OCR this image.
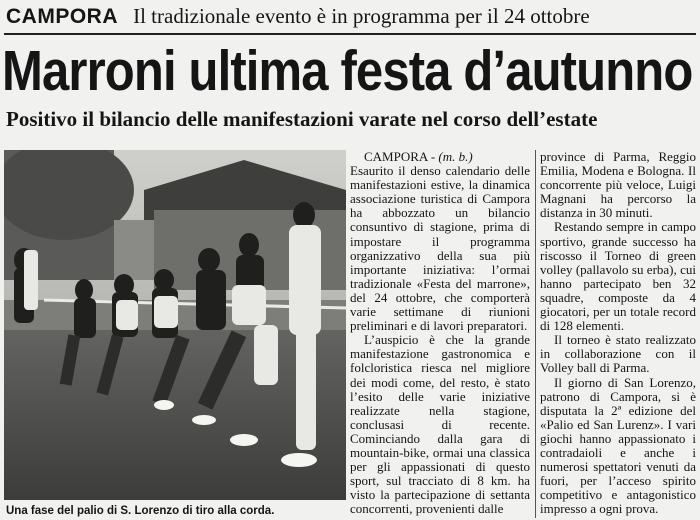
CAMPORA Il tradizionale evento è in programma per il 24 ottobre
Marroni ultima festa d’autunno
Positivo il bilancio delle manifestazioni varate nel corso dell’estate
Una fase del palio di S. Lorenzo di tiro alla corda.

CAMPORA - (m. b.)

Esaurito il denso calendario delle manifestazioni estive, la dinamica associazione turistica di Campora ha abbozzato un bilancio consuntivo di stagione, prima di impostare il programma organizzativo della sua più importante iniziativa: l’ormai tradizionale «Festa del marrone», del 24 ottobre, che comporterà varie settimane di riunioni preliminari e di lavori preparatori.

L’auspicio è che la grande manifestazione gastronomica e folcloristica riesca nel migliore dei modi come, del resto, è stato l’esito delle varie iniziative realizzate nella stagione, conclusasi di recente. Cominciando dalla gara di mountain-bike, ormai una classica per gli appassionati di questo sport, sul tracciato di 8 km. ha visto la partecipazione di settanta concorrenti, provenienti dalle

province di Parma, Reggio Emilia, Modena e Bologna. Il concorrente più veloce, Luigi Magnani ha percorso la distanza in 30 minuti.

Restando sempre in campo sportivo, grande successo ha riscosso il Torneo di green volley (pallavolo su erba), cui hanno partecipato ben 32 squadre, composte da 4 giocatori, per un totale record di 128 elementi.

Il torneo è stato realizzato in collaborazione con il Volley ball di Parma.

Il giorno di San Lorenzo, patrono di Campora, si è disputata la 2ª edizione del «Palio ed San Lurenz». I vari giochi hanno appassionato i contradaioli e anche i numerosi spettatori venuti da fuori, per l’acceso spirito competitivo e antagonistico impresso a ogni prova.
